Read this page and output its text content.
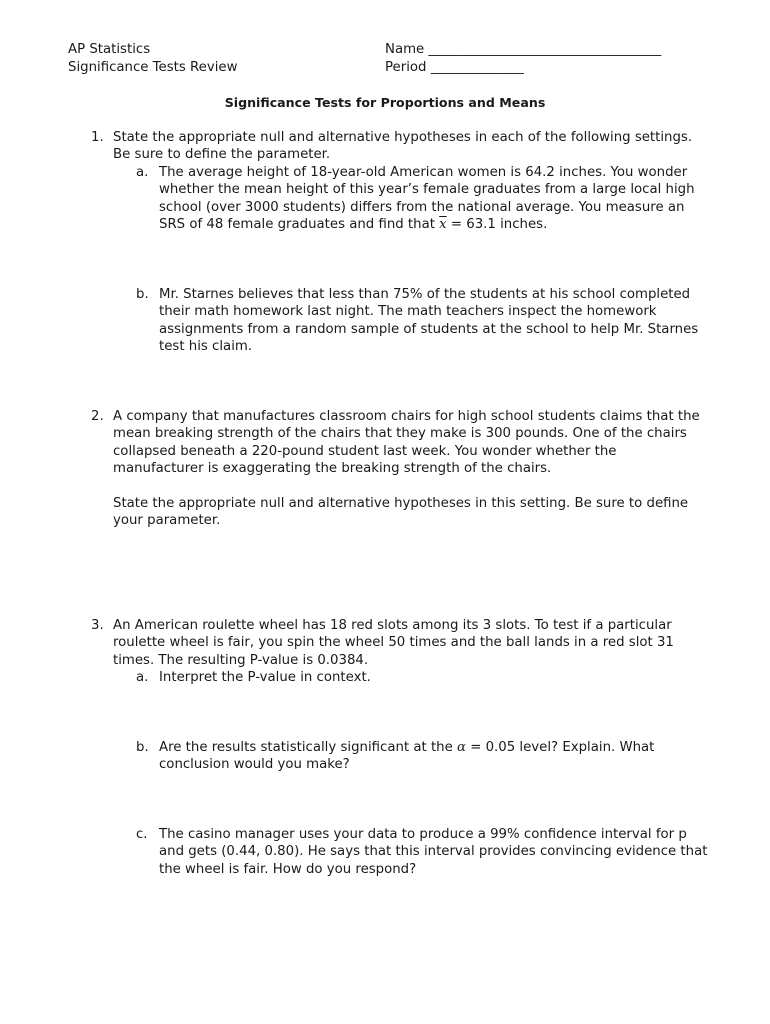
AP Statistics
Significance Tests Review
Name ___________________________________
Period ______________
Significance Tests for Proportions and Means
1. State the appropriate null and alternative hypotheses in each of the following settings.
Be sure to define the parameter.
a. The average height of 18-year-old American women is 64.2 inches. You wonder
whether the mean height of this year’s female graduates from a large local high
school (over 3000 students) differs from the national average. You measure an
SRS of 48 female graduates and find that $\overline{x} = 63.1$ inches.
b. Mr. Starnes believes that less than 75% of the students at his school completed
their math homework last night. The math teachers inspect the homework
assignments from a random sample of students at the school to help Mr. Starnes
test his claim.
2. A company that manufactures classroom chairs for high school students claims that the
mean breaking strength of the chairs that they make is 300 pounds. One of the chairs
collapsed beneath a 220-pound student last week. You wonder whether the
manufacturer is exaggerating the breaking strength of the chairs.
State the appropriate null and alternative hypotheses in this setting. Be sure to define
your parameter.
3. An American roulette wheel has 18 red slots among its 3 slots. To test if a particular
roulette wheel is fair, you spin the wheel 50 times and the ball lands in a red slot 31
times. The resulting P-value is 0.0384.
a. Interpret the P-value in context.
b. Are the results statistically significant at the α = 0.05 level? Explain. What
conclusion would you make?
c. The casino manager uses your data to produce a 99% confidence interval for p
and gets (0.44, 0.80). He says that this interval provides convincing evidence that
the wheel is fair. How do you respond?
